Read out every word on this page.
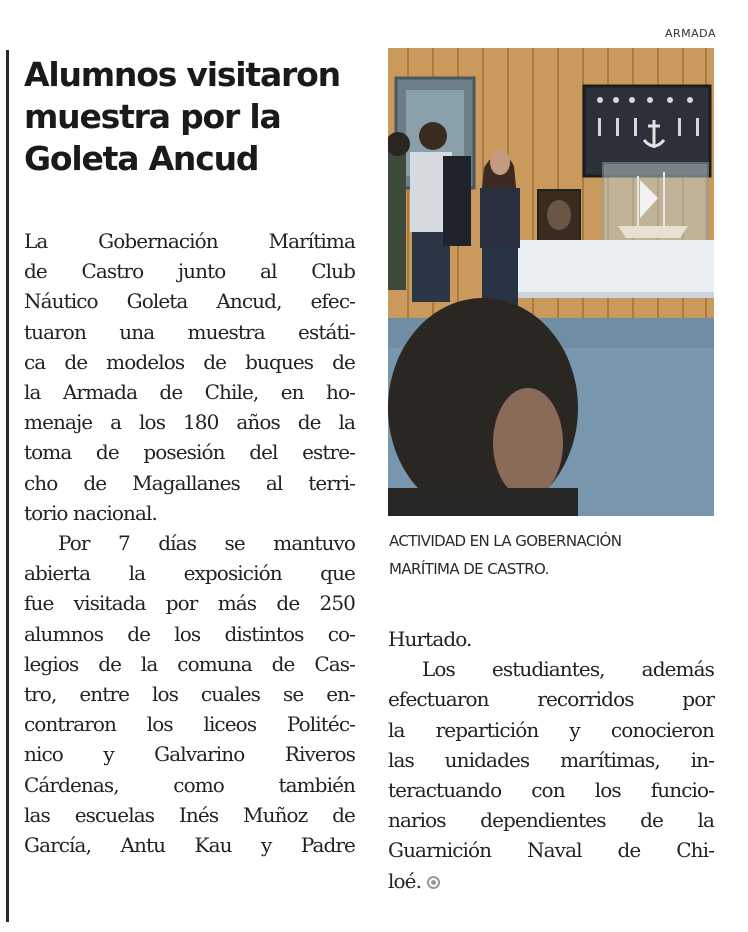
ARMADA
Alumnos visitaron
muestra por la
Goleta Ancud
La Gobernación Marítima
de Castro junto al Club
Náutico Goleta Ancud, efec-
tuaron una muestra estáti-
ca de modelos de buques de
la Armada de Chile, en ho-
menaje a los 180 años de la
toma de posesión del estre-
cho de Magallanes al terri-
torio nacional.
Por 7 días se mantuvo
abierta la exposición que
fue visitada por más de 250
alumnos de los distintos co-
legios de la comuna de Cas-
tro, entre los cuales se en-
contraron los liceos Politéc-
nico y Galvarino Riveros
Cárdenas, como también
las escuelas Inés Muñoz de
García, Antu Kau y Padre
ACTIVIDAD EN LA GOBERNACIÓN
MARÍTIMA DE CASTRO.
Hurtado.
Los estudiantes, además
efectuaron recorridos por
la repartición y conocieron
las unidades marítimas, in-
teractuando con los funcio-
narios dependientes de la
Guarnición Naval de Chi-
loé.
